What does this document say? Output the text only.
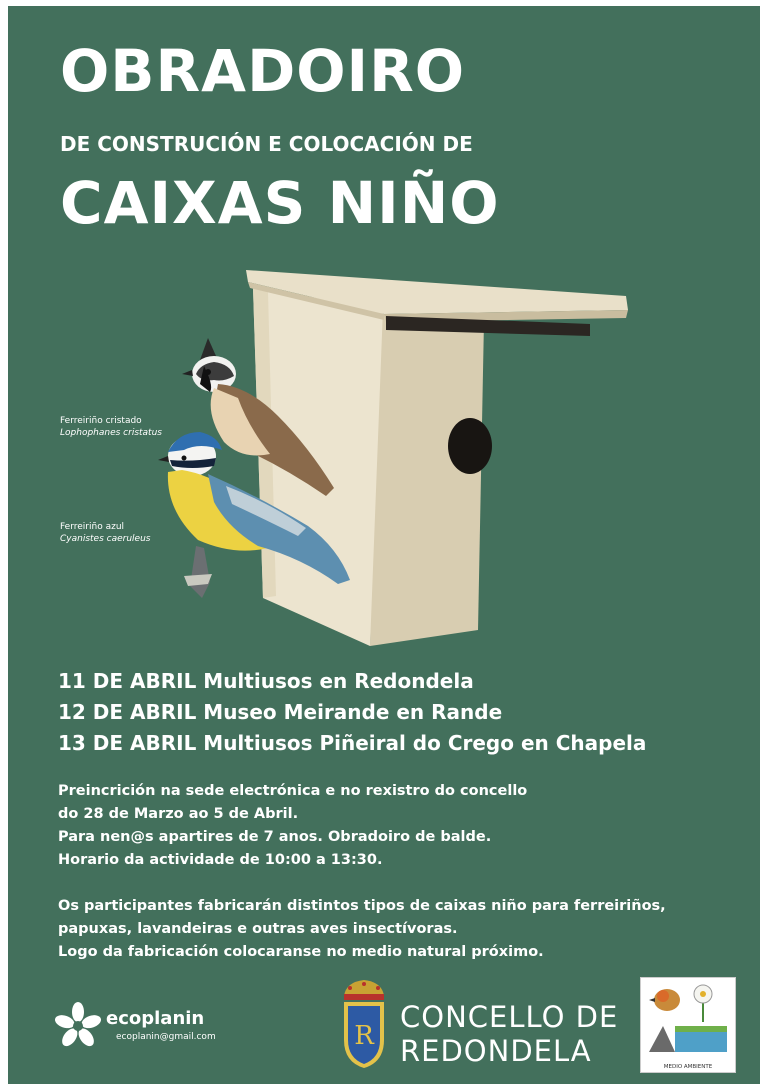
OBRADOIRO
DE CONSTRUCIÓN E COLOCACIÓN DE
CAIXAS NIÑO
Ferreiriño cristado
Lophophanes cristatus
Ferreiriño azul
Cyanistes caeruleus
11 DE ABRIL Multiusos en Redondela
12 DE ABRIL Museo Meirande en Rande
13 DE ABRIL Multiusos Piñeiral do Crego en Chapela
Preincrición na sede electrónica e no rexistro do concello
do 28 de Marzo ao 5 de Abril.
Para nen@s apartires de 7 anos. Obradoiro de balde.
Horario da actividade de 10:00 a 13:30.
Os participantes fabricarán distintos tipos de caixas niño para ferreiriños,
papuxas, lavandeiras e outras aves insectívoras.
Logo da fabricación colocaranse no medio natural próximo.
ecoplanin
ecoplanin@gmail.com	R
CONCELLO DE
REDONDELA	MEDIO AMBIENTE
